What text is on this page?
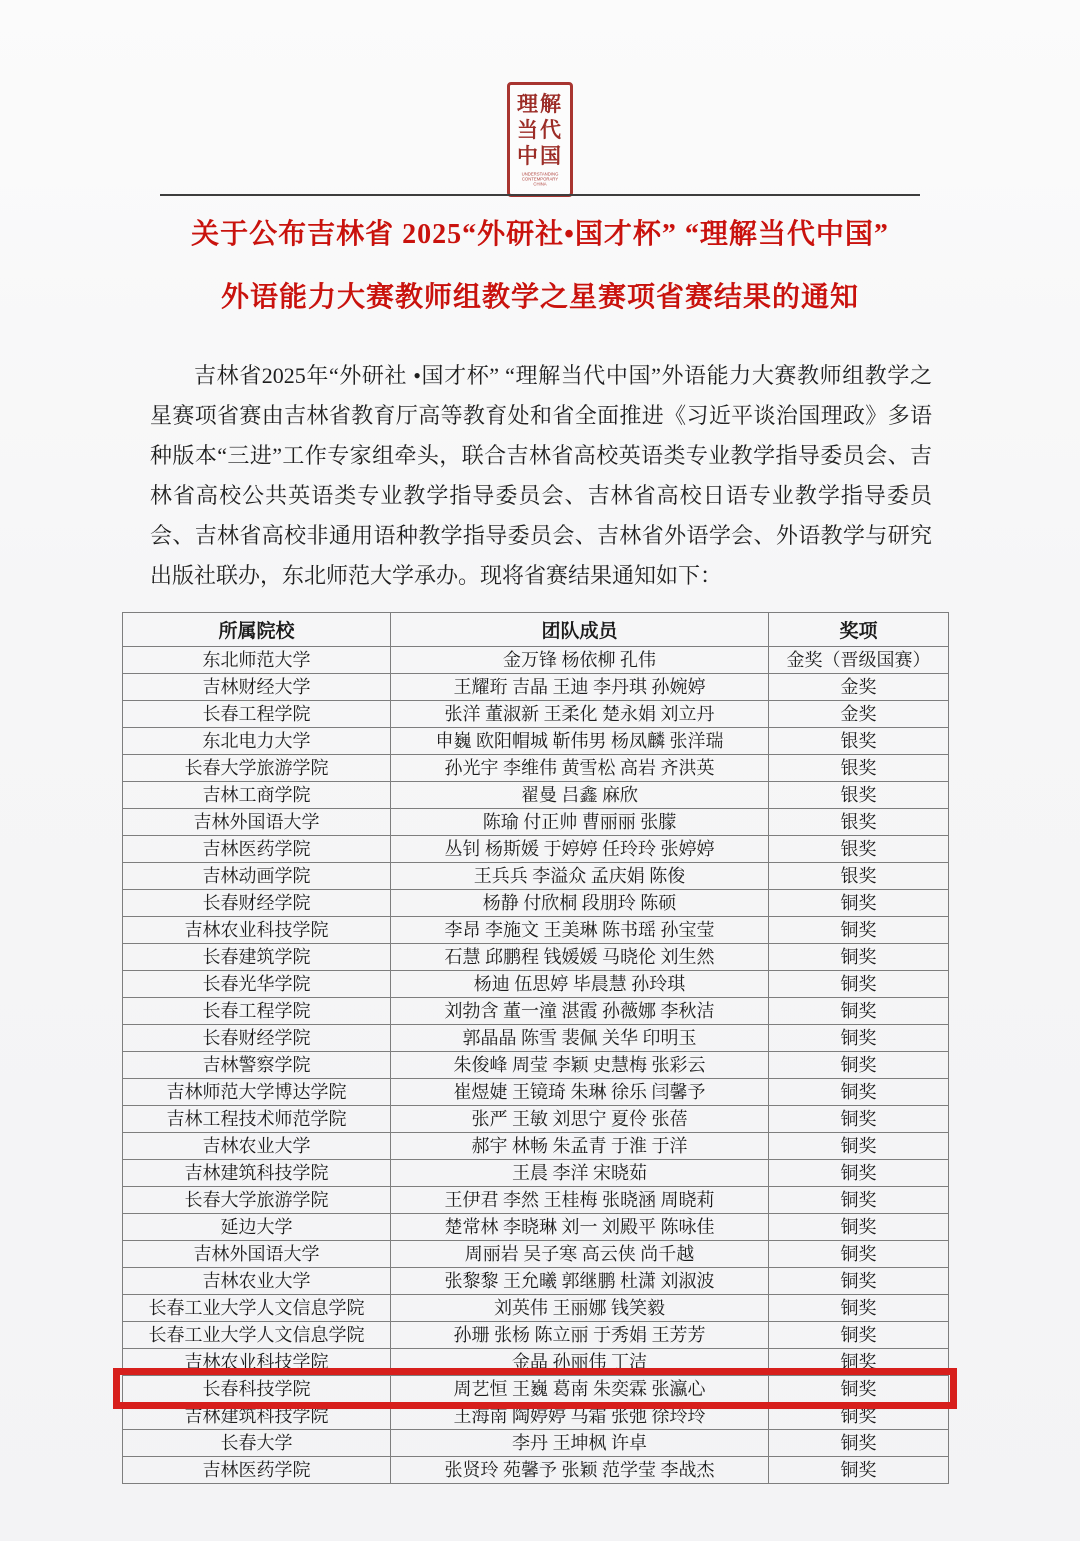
理解
当代
中国
UNDERSTANDING CONTEMPORARY CHINA
关于公布吉林省 2025“外研社•国才杯” “理解当代中国”
外语能力大赛教师组教学之星赛项省赛结果的通知

吉林省2025年“外研社 •国才杯” “理解当代中国”外语能力大赛教师组教学之星赛项省赛由吉林省教育厅高等教育处和省全面推进《习近平谈治国理政》多语种版本“三进”工作专家组牵头，联合吉林省高校英语类专业教学指导委员会、吉林省高校公共英语类专业教学指导委员会、吉林省高校日语专业教学指导委员会、吉林省高校非通用语种教学指导委员会、吉林省外语学会、外语教学与研究出版社联办，东北师范大学承办。现将省赛结果通知如下：

所属院校	团队成员	奖项
东北师范大学	金万锋 杨依柳 孔伟	金奖（晋级国赛）
吉林财经大学	王耀珩 吉晶 王迪 李丹琪 孙婉婷	金奖
长春工程学院	张洋 董淑新 王柔化 楚永娟 刘立丹	金奖
东北电力大学	申巍 欧阳帽城 靳伟男 杨凤麟 张洋瑞	银奖
长春大学旅游学院	孙光宇 李维伟 黄雪松 高岩 齐洪英	银奖
吉林工商学院	翟曼 吕鑫 麻欣	银奖
吉林外国语大学	陈瑜 付正帅 曹丽丽 张朦	银奖
吉林医药学院	丛钊 杨斯媛 于婷婷 任玲玲 张婷婷	银奖
吉林动画学院	王兵兵 李溢众 孟庆娟 陈俊	银奖
长春财经学院	杨静 付欣桐 段朋玲 陈硕	铜奖
吉林农业科技学院	李昂 李施文 王美琳 陈书瑶 孙宝莹	铜奖
长春建筑学院	石慧 邱鹏程 钱媛媛 马晓伦 刘生然	铜奖
长春光华学院	杨迪 伍思婷 毕晨慧 孙玲琪	铜奖
长春工程学院	刘勃含 董一潼 湛霞 孙薇娜 李秋洁	铜奖
长春财经学院	郭晶晶 陈雪 裴佩 关华 印明玉	铜奖
吉林警察学院	朱俊峰 周莹 李颖 史慧梅 张彩云	铜奖
吉林师范大学博达学院	崔煜婕 王镜琦 朱琳 徐乐 闫馨予	铜奖
吉林工程技术师范学院	张严 王敏 刘思宁 夏伶 张蓓	铜奖
吉林农业大学	郝宇 林畅 朱孟青 于淮 于洋	铜奖
吉林建筑科技学院	王晨 李洋 宋晓茹	铜奖
长春大学旅游学院	王伊君 李然 王桂梅 张晓涵 周晓莉	铜奖
延边大学	楚常林 李晓琳 刘一 刘殿平 陈咏佳	铜奖
吉林外国语大学	周丽岩 吴子寒 高云侠 尚千越	铜奖
吉林农业大学	张黎黎 王允曦 郭继鹏 杜潇 刘淑波	铜奖
长春工业大学人文信息学院	刘英伟 王丽娜 钱笑毅	铜奖
长春工业大学人文信息学院	孙珊 张杨 陈立丽 于秀娟 王芳芳	铜奖
吉林农业科技学院	金晶 孙丽伟 丁洁	铜奖
长春科技学院	周艺恒 王巍 葛南 朱奕霖 张瀛心	铜奖
吉林建筑科技学院	王海南 陶婷婷 马霜 张弛 徐玲玲	铜奖
长春大学	李丹 王坤枫 许卓	铜奖
吉林医药学院	张贤玲 苑馨予 张颖 范学莹 李战杰	铜奖
